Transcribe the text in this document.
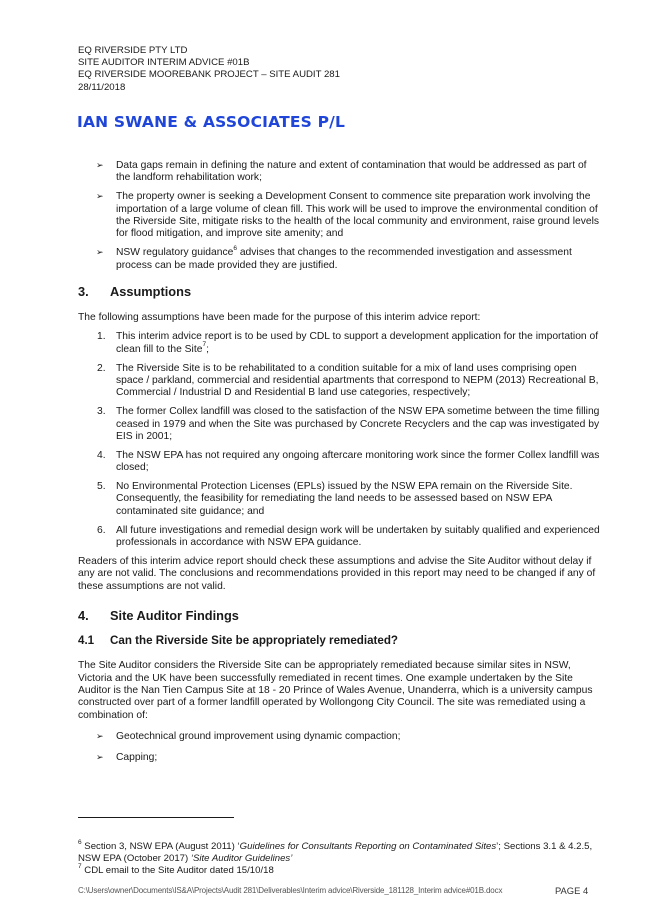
EQ RIVERSIDE PTY LTD
SITE AUDITOR INTERIM ADVICE #01B
EQ RIVERSIDE MOOREBANK PROJECT – SITE AUDIT 281
28/11/2018
IAN SWANE & ASSOCIATES P/L
➢ Data gaps remain in defining the nature and extent of contamination that would be addressed as part of the landform rehabilitation work;
➢ The property owner is seeking a Development Consent to commence site preparation work involving the importation of a large volume of clean fill. This work will be used to improve the environmental condition of the Riverside Site, mitigate risks to the health of the local community and environment, raise ground levels for flood mitigation, and improve site amenity; and
➢ NSW regulatory guidance$^6$ advises that changes to the recommended investigation and assessment process can be made provided they are justified.
3.	Assumptions

The following assumptions have been made for the purpose of this interim advice report:

1. This interim advice report is to be used by CDL to support a development application for the importation of clean fill to the Site$^7$;
2. The Riverside Site is to be rehabilitated to a condition suitable for a mix of land uses comprising open space / parkland, commercial and residential apartments that correspond to NEPM (2013) Recreational B, Commercial / Industrial D and Residential B land use categories, respectively;
3. The former Collex landfill was closed to the satisfaction of the NSW EPA sometime between the time filling ceased in 1979 and when the Site was purchased by Concrete Recyclers and the cap was investigated by EIS in 2001;
4. The NSW EPA has not required any ongoing aftercare monitoring work since the former Collex landfill was closed;
5. No Environmental Protection Licenses (EPLs) issued by the NSW EPA remain on the Riverside Site. Consequently, the feasibility for remediating the land needs to be assessed based on NSW EPA contaminated site guidance; and
6. All future investigations and remedial design work will be undertaken by suitably qualified and experienced professionals in accordance with NSW EPA guidance.

Readers of this interim advice report should check these assumptions and advise the Site Auditor without delay if any are not valid. The conclusions and recommendations provided in this report may need to be changed if any of these assumptions are not valid.

4.	Site Auditor Findings
4.1	Can the Riverside Site be appropriately remediated?

The Site Auditor considers the Riverside Site can be appropriately remediated because similar sites in NSW, Victoria and the UK have been successfully remediated in recent times. One example undertaken by the Site Auditor is the Nan Tien Campus Site at 18 - 20 Prince of Wales Avenue, Unanderra, which is a university campus constructed over part of a former landfill operated by Wollongong City Council. The site was remediated using a combination of:

➢ Geotechnical ground improvement using dynamic compaction;
➢ Capping;
$^6$ Section 3, NSW EPA (August 2011) ‘Guidelines for Consultants Reporting on Contaminated Sites’; Sections 3.1 & 4.2.5, NSW EPA (October 2017) ‘Site Auditor Guidelines’
$^7$ CDL email to the Site Auditor dated 15/10/18
C:\Users\owner\Documents\IS&A\Projects\Audit 281\Deliverables\Interim advice\Riverside_181128_Interim advice#01B.docx	PAGE 4
